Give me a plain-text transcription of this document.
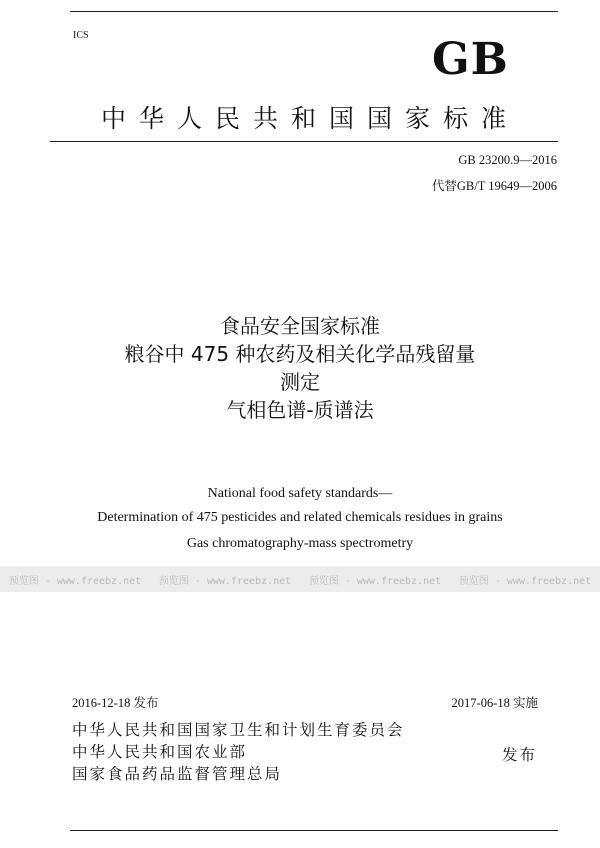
ICS	GB
中华人民共和国国家标准
GB 23200.9—2016
代替GB/T 19649—2006
食品安全国家标准
粮谷中 475 种农药及相关化学品残留量
测定
气相色谱-质谱法
National food safety standards—
Determination of 475 pesticides and related chemicals residues in grains
Gas chromatography-mass spectrometry
预览图 - www.freebz.net 预览图 - www.freebz.net 预览图 - www.freebz.net 预览图 - www.freebz.net
2016-12-18 发布	2017-06-18 实施
中华人民共和国国家卫生和计划生育委员会
中华人民共和国农业部
国家食品药品监督管理总局
发布
